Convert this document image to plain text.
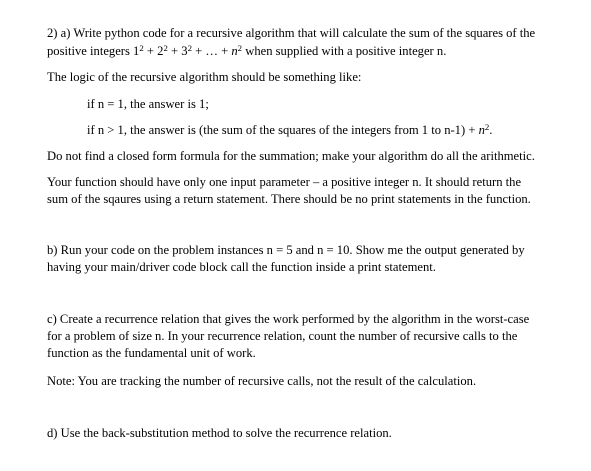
2) a) Write python code for a recursive algorithm that will calculate the sum of the squares of the
positive integers $1^2 + 2^2 + 3^2$ + … + $n^2$ when supplied with a positive integer n.
The logic of the recursive algorithm should be something like:
if n = 1, the answer is 1;
if n > 1, the answer is (the sum of the squares of the integers from 1 to $n-1) + n^2$.
Do not find a closed form formula for the summation; make your algorithm do all the arithmetic.
Your function should have only one input parameter – a positive integer n. It should return the
sum of the sqaures using a return statement. There should be no print statements in the function.
b) Run your code on the problem instances n = 5 and n = 10. Show me the output generated by
having your main/driver code block call the function inside a print statement.
c) Create a recurrence relation that gives the work performed by the algorithm in the worst-case
for a problem of size n. In your recurrence relation, count the number of recursive calls to the
function as the fundamental unit of work.
Note: You are tracking the number of recursive calls, not the result of the calculation.
d) Use the back-substitution method to solve the recurrence relation.
